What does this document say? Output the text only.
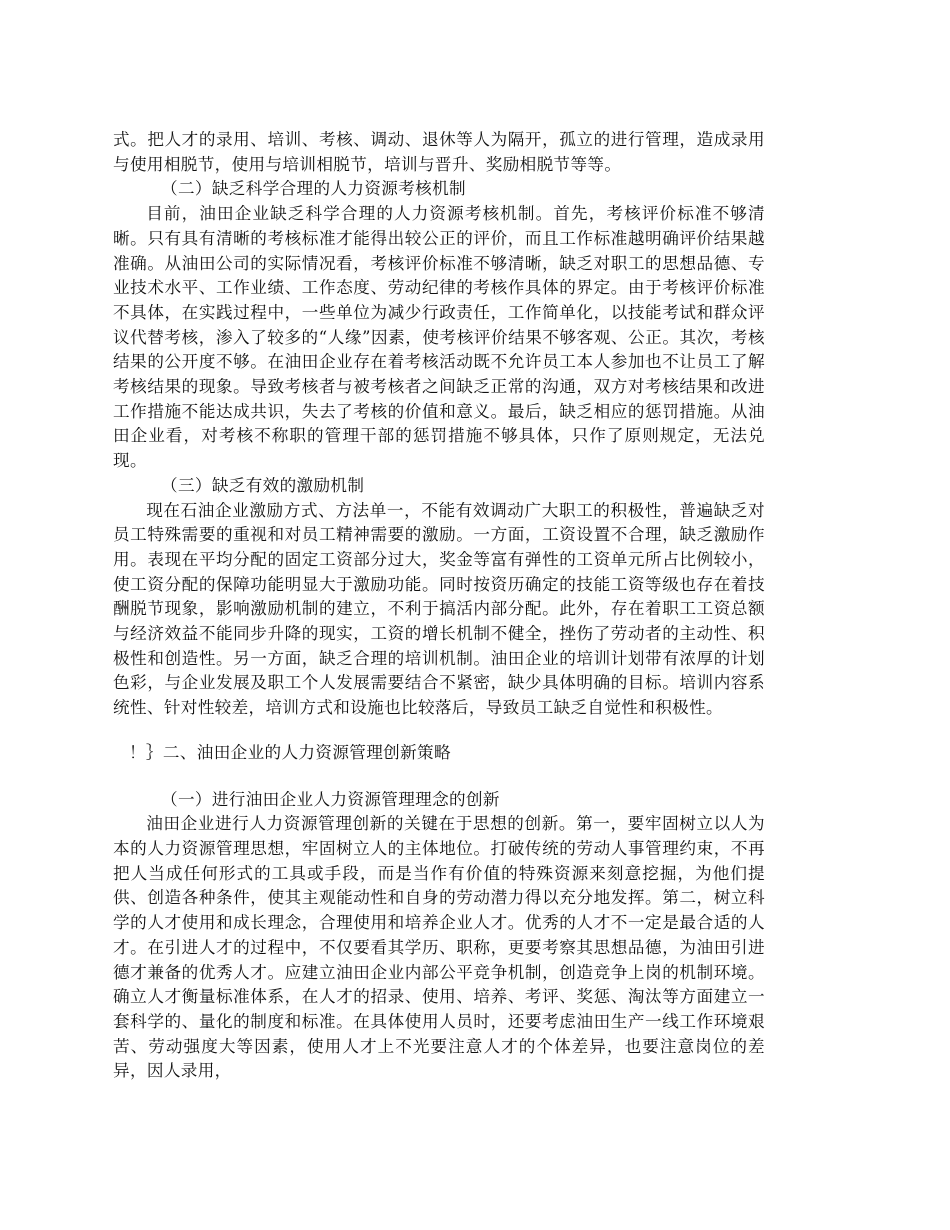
式。把人才的录用、培训、考核、调动、退休等人为隔开，孤立的进行管理，造成录用与使用相脱节，使用与培训相脱节，培训与晋升、奖励相脱节等等。

（二）缺乏科学合理的人力资源考核机制

目前，油田企业缺乏科学合理的人力资源考核机制。首先，考核评价标准不够清晰。只有具有清晰的考核标准才能得出较公正的评价，而且工作标准越明确评价结果越准确。从油田公司的实际情况看，考核评价标准不够清晰，缺乏对职工的思想品德、专业技术水平、工作业绩、工作态度、劳动纪律的考核作具体的界定。由于考核评价标准不具体，在实践过程中，一些单位为减少行政责任，工作简单化，以技能考试和群众评议代替考核，渗入了较多的“人缘”因素，使考核评价结果不够客观、公正。其次，考核结果的公开度不够。在油田企业存在着考核活动既不允许员工本人参加也不让员工了解考核结果的现象。导致考核者与被考核者之间缺乏正常的沟通，双方对考核结果和改进工作措施不能达成共识，失去了考核的价值和意义。最后，缺乏相应的惩罚措施。从油田企业看，对考核不称职的管理干部的惩罚措施不够具体，只作了原则规定，无法兑现。

（三）缺乏有效的激励机制

现在石油企业激励方式、方法单一，不能有效调动广大职工的积极性，普遍缺乏对员工特殊需要的重视和对员工精神需要的激励。一方面，工资设置不合理，缺乏激励作用。表现在平均分配的固定工资部分过大，奖金等富有弹性的工资单元所占比例较小，使工资分配的保障功能明显大于激励功能。同时按资历确定的技能工资等级也存在着技酬脱节现象，影响激励机制的建立，不利于搞活内部分配。此外，存在着职工工资总额与经济效益不能同步升降的现实，工资的增长机制不健全，挫伤了劳动者的主动性、积极性和创造性。另一方面，缺乏合理的培训机制。油田企业的培训计划带有浓厚的计划色彩，与企业发展及职工个人发展需要结合不紧密，缺少具体明确的目标。培训内容系统性、针对性较差，培训方式和设施也比较落后，导致员工缺乏自觉性和积极性。

！｝二、油田企业的人力资源管理创新策略

（一）进行油田企业人力资源管理理念的创新

油田企业进行人力资源管理创新的关键在于思想的创新。第一，要牢固树立以人为本的人力资源管理思想，牢固树立人的主体地位。打破传统的劳动人事管理约束，不再把人当成任何形式的工具或手段，而是当作有价值的特殊资源来刻意挖掘，为他们提供、创造各种条件，使其主观能动性和自身的劳动潜力得以充分地发挥。第二，树立科学的人才使用和成长理念，合理使用和培养企业人才。优秀的人才不一定是最合适的人才。在引进人才的过程中，不仅要看其学历、职称，更要考察其思想品德，为油田引进德才兼备的优秀人才。应建立油田企业内部公平竞争机制，创造竞争上岗的机制环境。确立人才衡量标准体系，在人才的招录、使用、培养、考评、奖惩、淘汰等方面建立一套科学的、量化的制度和标准。在具体使用人员时，还要考虑油田生产一线工作环境艰苦、劳动强度大等因素，使用人才上不光要注意人才的个体差异，也要注意岗位的差异，因人录用，
